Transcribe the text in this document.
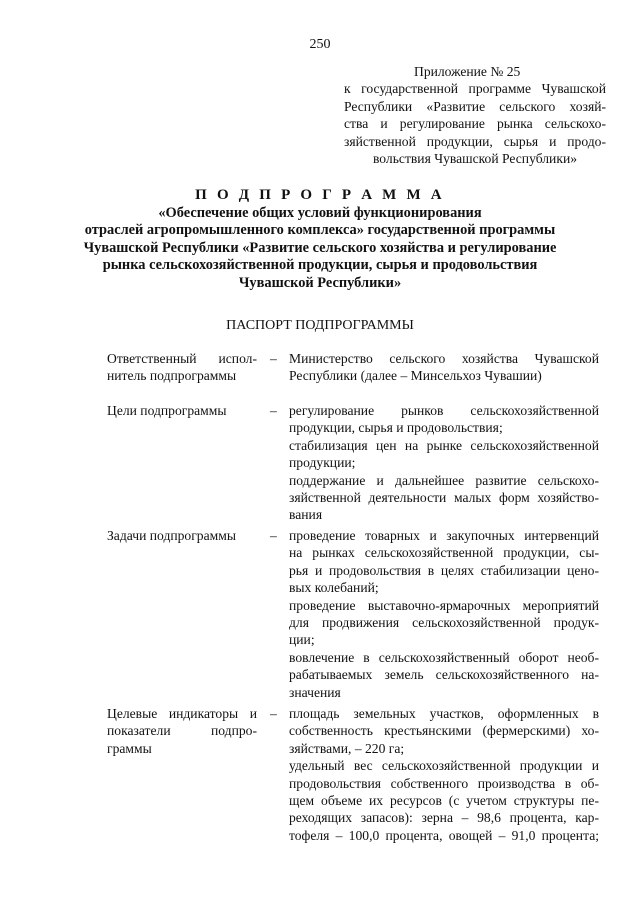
250
Приложение № 25
к государственной программе Чувашской
Республики «Развитие сельского хозяй-
ства и регулирование рынка сельскохо-
зяйственной продукции, сырья и продо-
вольствия Чувашской Республики»
П О Д П Р О Г Р А М М А
«Обеспечение общих условий функционирования
отраслей агропромышленного комплекса» государственной программы
Чувашской Республики «Развитие сельского хозяйства и регулирование
рынка сельскохозяйственной продукции, сырья и продовольствия
Чувашской Республики»
ПАСПОРТ ПОДПРОГРАММЫ
Ответственный испол-
нитель подпрограммы
– Министерство сельского хозяйства Чувашской
Республики (далее – Минсельхоз Чувашии)
Цели подпрограммы	– регулирование рынков сельскохозяйственной
продукции, сырья и продовольствия;
стабилизация цен на рынке сельскохозяйственной
продукции;
поддержание и дальнейшее развитие сельскохо-
зяйственной деятельности малых форм хозяйство-
вания
Задачи подпрограммы	– проведение товарных и закупочных интервенций
на рынках сельскохозяйственной продукции, сы-
рья и продовольствия в целях стабилизации цено-
вых колебаний;
проведение выставочно-ярмарочных мероприятий
для продвижения сельскохозяйственной продук-
ции;
вовлечение в сельскохозяйственный оборот необ-
рабатываемых земель сельскохозяйственного на-
значения
Целевые индикаторы и
показатели подпро-
граммы
– площадь земельных участков, оформленных в
собственность крестьянскими (фермерскими) хо-
зяйствами, – 220 га;
удельный вес сельскохозяйственной продукции и
продовольствия собственного производства в об-
щем объеме их ресурсов (с учетом структуры пе-
реходящих запасов): зерна – 98,6 процента, кар-
тофеля – 100,0 процента, овощей – 91,0 процента;
